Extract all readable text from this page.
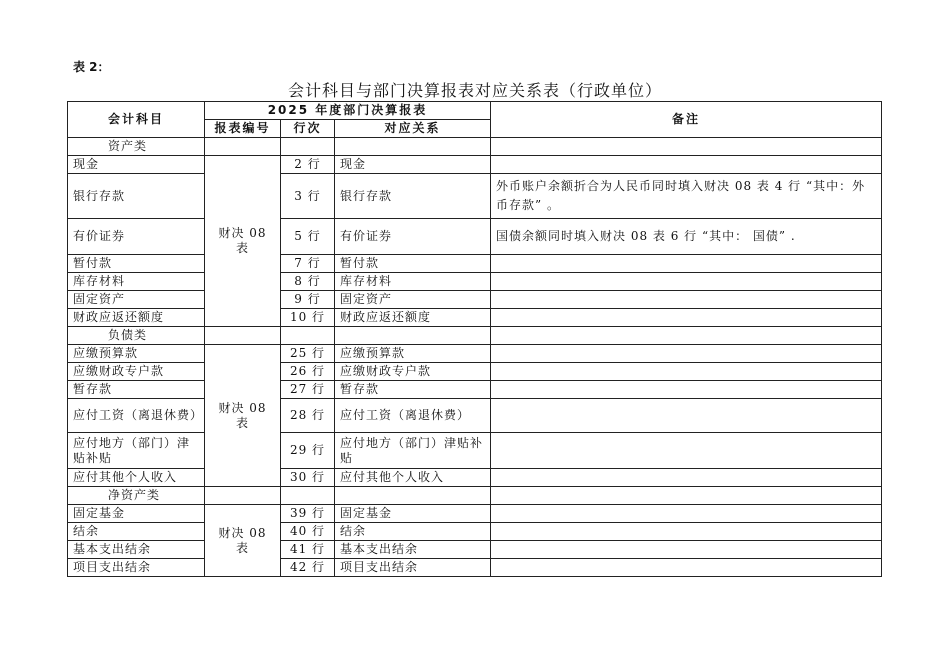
表 2：
会计科目与部门决算报表对应关系表（行政单位）
会计科目	2025 年度部门决算报表			备注
	报表编号	行次	对应关系	
资产类				
现金	财决 08 表	2 行	现金	
银行存款		3 行	银行存款	外币账户余额折合为人民币同时填入财决 08 表 4 行 “其中：外币存款” 。
有价证券		5 行	有价证券	国债余额同时填入财决 08 表 6 行 “其中： 国债” .
暂付款		7 行	暂付款	
库存材料		8 行	库存材料	
固定资产		9 行	固定资产	
财政应返还额度		10 行	财政应返还额度	
负债类				
应缴预算款	财决 08 表	25 行	应缴预算款	
应缴财政专户款		26 行	应缴财政专户款	
暂存款		27 行	暂存款	
应付工资（离退休费）		28 行	应付工资（离退休费）	
应付地方（部门）津贴补贴		29 行	应付地方（部门）津贴补贴	
应付其他个人收入		30 行	应付其他个人收入	
净资产类				
固定基金	财决 08 表	39 行	固定基金	
结余		40 行	结余	
基本支出结余		41 行	基本支出结余	
项目支出结余		42 行	项目支出结余	
